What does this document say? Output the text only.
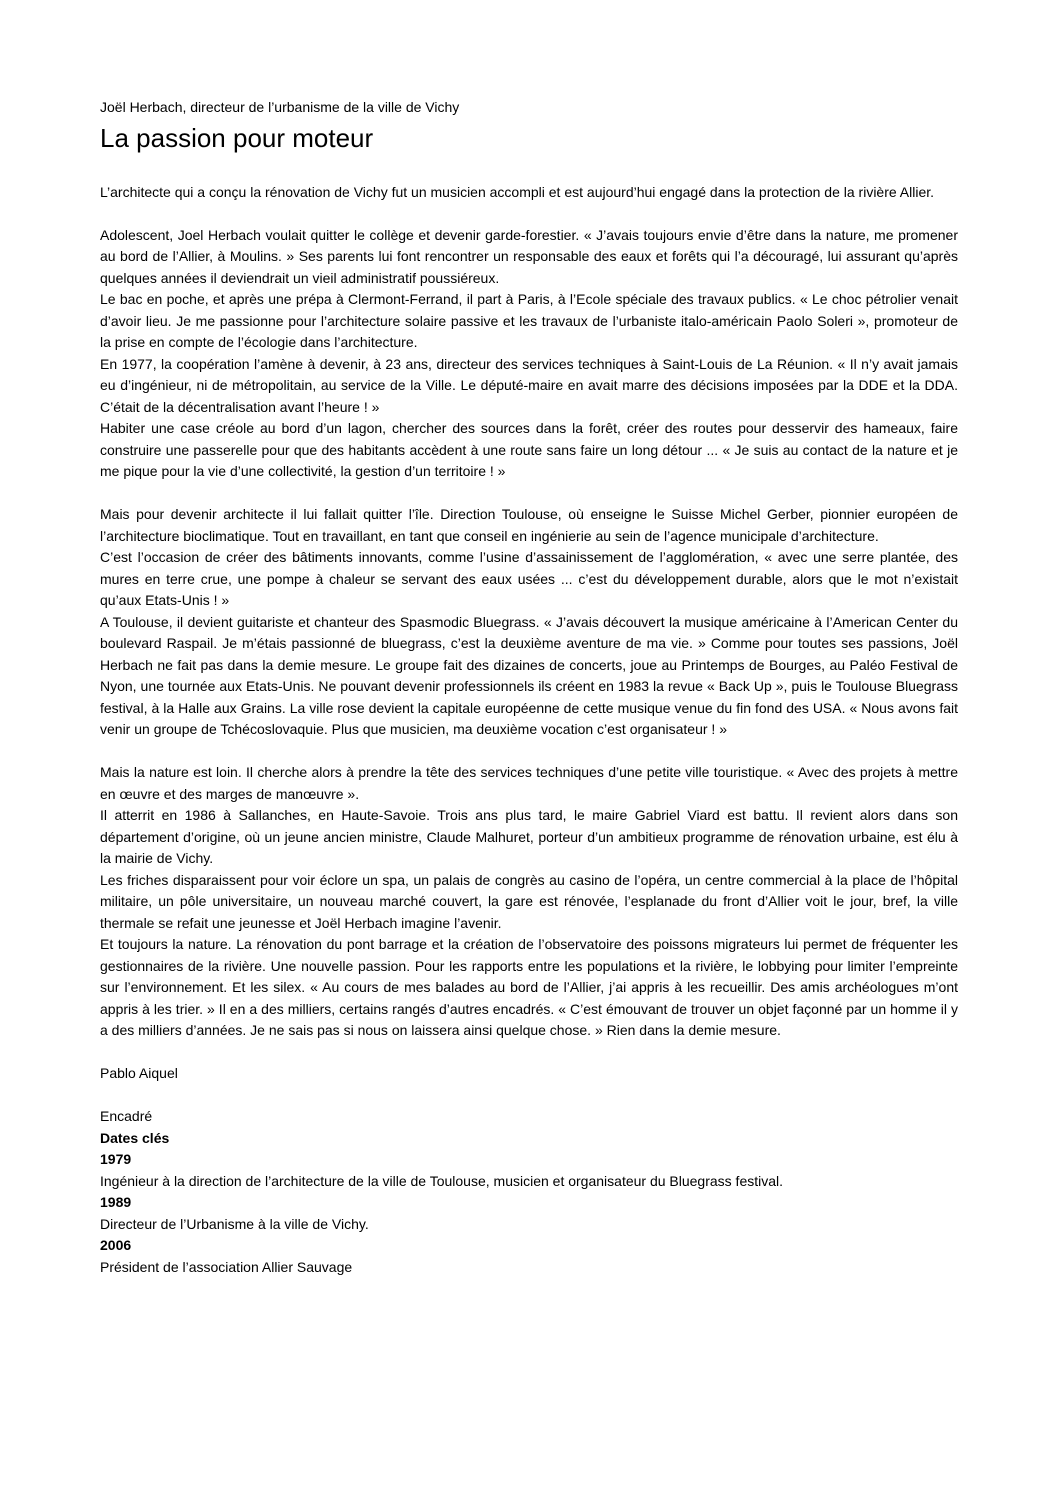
Joël Herbach, directeur de l’urbanisme de la ville de Vichy

La passion pour moteur

L’architecte qui a conçu la rénovation de Vichy fut un musicien accompli et est aujourd’hui engagé dans la protection de la rivière Allier.

Adolescent, Joel Herbach voulait quitter le collège et devenir garde-forestier. « J’avais toujours envie d’être dans la nature, me promener au bord de l’Allier, à Moulins. » Ses parents lui font rencontrer un responsable des eaux et forêts qui l’a découragé, lui assurant qu’après quelques années il deviendrait un vieil administratif poussiéreux.

Le bac en poche, et après une prépa à Clermont-Ferrand, il part à Paris, à l’Ecole spéciale des travaux publics. « Le choc pétrolier venait d’avoir lieu. Je me passionne pour l’architecture solaire passive et les travaux de l’urbaniste italo-américain Paolo Soleri », promoteur de la prise en compte de l’écologie dans l’architecture.

En 1977, la coopération l’amène à devenir, à 23 ans, directeur des services techniques à Saint-Louis de La Réunion. « Il n’y avait jamais eu d’ingénieur, ni de métropolitain, au service de la Ville. Le député-maire en avait marre des décisions imposées par la DDE et la DDA. C’était de la décentralisation avant l’heure ! »

Habiter une case créole au bord d’un lagon, chercher des sources dans la forêt, créer des routes pour desservir des hameaux, faire construire une passerelle pour que des habitants accèdent à une route sans faire un long détour ... « Je suis au contact de la nature et je me pique pour la vie d’une collectivité, la gestion d’un territoire ! »

Mais pour devenir architecte il lui fallait quitter l’île. Direction Toulouse, où enseigne le Suisse Michel Gerber, pionnier européen de l’architecture bioclimatique. Tout en travaillant, en tant que conseil en ingénierie au sein de l’agence municipale d’architecture.

C’est l’occasion de créer des bâtiments innovants, comme l’usine d’assainissement de l’agglomération, « avec une serre plantée, des mures en terre crue, une pompe à chaleur se servant des eaux usées ... c’est du développement durable, alors que le mot n’existait qu’aux Etats-Unis ! »

A Toulouse, il devient guitariste et chanteur des Spasmodic Bluegrass. « J’avais découvert la musique américaine à l’American Center du boulevard Raspail. Je m’étais passionné de bluegrass, c’est la deuxième aventure de ma vie. » Comme pour toutes ses passions, Joël Herbach ne fait pas dans la demie mesure. Le groupe fait des dizaines de concerts, joue au Printemps de Bourges, au Paléo Festival de Nyon, une tournée aux Etats-Unis. Ne pouvant devenir professionnels ils créent en 1983 la revue « Back Up », puis le Toulouse Bluegrass festival, à la Halle aux Grains. La ville rose devient la capitale européenne de cette musique venue du fin fond des USA. « Nous avons fait venir un groupe de Tchécoslovaquie. Plus que musicien, ma deuxième vocation c’est organisateur ! »

Mais la nature est loin. Il cherche alors à prendre la tête des services techniques d’une petite ville touristique. « Avec des projets à mettre en œuvre et des marges de manœuvre ».

Il atterrit en 1986 à Sallanches, en Haute-Savoie. Trois ans plus tard, le maire Gabriel Viard est battu. Il revient alors dans son département d’origine, où un jeune ancien ministre, Claude Malhuret, porteur d’un ambitieux programme de rénovation urbaine, est élu à la mairie de Vichy.

Les friches disparaissent pour voir éclore un spa, un palais de congrès au casino de l’opéra, un centre commercial à la place de l’hôpital militaire, un pôle universitaire, un nouveau marché couvert, la gare est rénovée, l’esplanade du front d’Allier voit le jour, bref, la ville thermale se refait une jeunesse et Joël Herbach imagine l’avenir.

Et toujours la nature. La rénovation du pont barrage et la création de l’observatoire des poissons migrateurs lui permet de fréquenter les gestionnaires de la rivière. Une nouvelle passion. Pour les rapports entre les populations et la rivière, le lobbying pour limiter l’empreinte sur l’environnement. Et les silex. « Au cours de mes balades au bord de l’Allier, j’ai appris à les recueillir. Des amis archéologues m’ont appris à les trier. » Il en a des milliers, certains rangés d’autres encadrés. « C’est émouvant de trouver un objet façonné par un homme il y a des milliers d’années. Je ne sais pas si nous on laissera ainsi quelque chose. » Rien dans la demie mesure.

Pablo Aiquel

Encadré

Dates clés

1979

Ingénieur à la direction de l’architecture de la ville de Toulouse, musicien et organisateur du Bluegrass festival.

1989

Directeur de l’Urbanisme à la ville de Vichy.

2006

Président de l’association Allier Sauvage
